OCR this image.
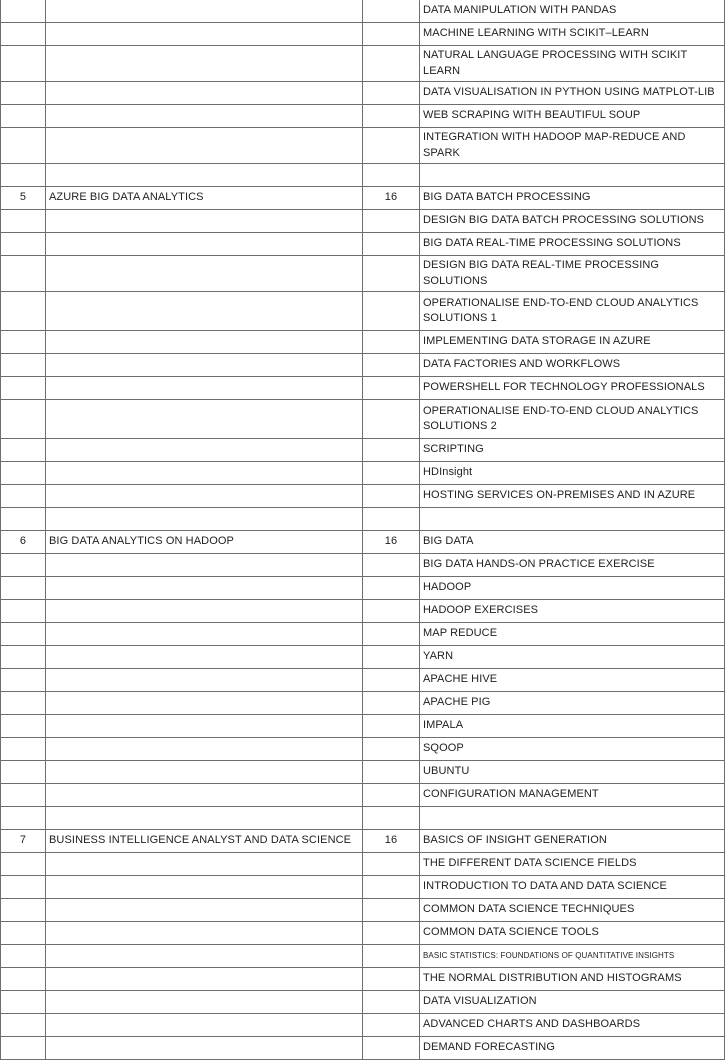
			DATA MANIPULATION WITH PANDAS
			MACHINE LEARNING WITH SCIKIT–LEARN
			NATURAL LANGUAGE PROCESSING WITH SCIKIT LEARN
			DATA VISUALISATION IN PYTHON USING MATPLOT-LIB
			WEB SCRAPING WITH BEAUTIFUL SOUP
			INTEGRATION WITH HADOOP MAP-REDUCE AND SPARK

5	AZURE BIG DATA ANALYTICS	16	BIG DATA BATCH PROCESSING
			DESIGN BIG DATA BATCH PROCESSING SOLUTIONS
			BIG DATA REAL-TIME PROCESSING SOLUTIONS
			DESIGN BIG DATA REAL-TIME PROCESSING SOLUTIONS
			OPERATIONALISE END-TO-END CLOUD ANALYTICS SOLUTIONS 1
			IMPLEMENTING DATA STORAGE IN AZURE
			DATA FACTORIES AND WORKFLOWS
			POWERSHELL FOR TECHNOLOGY PROFESSIONALS
			OPERATIONALISE END-TO-END CLOUD ANALYTICS SOLUTIONS 2
			SCRIPTING
			HDInsight
			HOSTING SERVICES ON-PREMISES AND IN AZURE

6	BIG DATA ANALYTICS ON HADOOP	16	BIG DATA
			BIG DATA HANDS-ON PRACTICE EXERCISE
			HADOOP
			HADOOP EXERCISES
			MAP REDUCE
			YARN
			APACHE HIVE
			APACHE PIG
			IMPALA
			SQOOP
			UBUNTU
			CONFIGURATION MANAGEMENT

7	BUSINESS INTELLIGENCE ANALYST AND DATA SCIENCE	16	BASICS OF INSIGHT GENERATION
			THE DIFFERENT DATA SCIENCE FIELDS
			INTRODUCTION TO DATA AND DATA SCIENCE
			COMMON DATA SCIENCE TECHNIQUES
			COMMON DATA SCIENCE TOOLS
			BASIC STATISTICS: FOUNDATIONS OF QUANTITATIVE INSIGHTS
			THE NORMAL DISTRIBUTION AND HISTOGRAMS
			DATA VISUALIZATION
			ADVANCED CHARTS AND DASHBOARDS
			DEMAND FORECASTING
